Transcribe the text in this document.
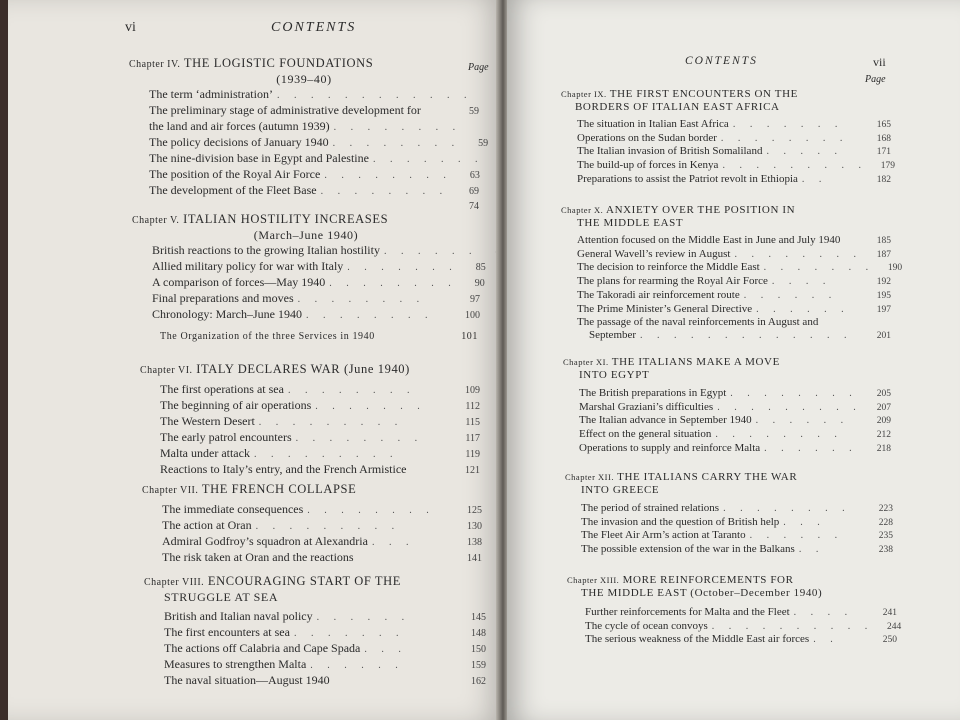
vi	CONTENTS
Page
Chapter IV. THE LOGISTIC FOUNDATIONS
(1939–40)
The term ‘administration’ . . . . . . . . . . . .
The preliminary stage of administrative development for	59
the land and air forces (autumn 1939) . . . . . . . .
The policy decisions of January 1940 . . . . . . . .	59
The nine-division base in Egypt and Palestine . . . . . . .
The position of the Royal Air Force . . . . . . . .	63
The development of the Fleet Base . . . . . . . .	69
74
Chapter V. ITALIAN HOSTILITY INCREASES
(March–June 1940)
British reactions to the growing Italian hostility . . . . . .
Allied military policy for war with Italy . . . . . . .	85
A comparison of forces—May 1940 . . . . . . . .	90
Final preparations and moves . . . . . . . .	97
Chronology: March–June 1940 . . . . . . . .	100
The Organization of the three Services in 1940	101
Chapter VI. ITALY DECLARES WAR (June 1940)
The first operations at sea . . . . . . . .	109
The beginning of air operations . . . . . . .	112
The Western Desert . . . . . . . . .	115
The early patrol encounters . . . . . . . .	117
Malta under attack . . . . . . . . .	119
Reactions to Italy’s entry, and the French Armistice	121
Chapter VII. THE FRENCH COLLAPSE
The immediate consequences . . . . . . . .	125
The action at Oran . . . . . . . . .	130
Admiral Godfroy’s squadron at Alexandria . . .	138
The risk taken at Oran and the reactions	141
Chapter VIII. ENCOURAGING START OF THE
STRUGGLE AT SEA
British and Italian naval policy . . . . . .	145
The first encounters at sea . . . . . . .	148
The actions off Calabria and Cape Spada . . .	150
Measures to strengthen Malta . . . . . .	159
The naval situation—August 1940	162
CONTENTS	vii
Page
Chapter IX. THE FIRST ENCOUNTERS ON THE
BORDERS OF ITALIAN EAST AFRICA
The situation in Italian East Africa . . . . . . .	165
Operations on the Sudan border . . . . . . . .	168
The Italian invasion of British Somaliland . . . . .	171
The build-up of forces in Kenya . . . . . . . . .	179
Preparations to assist the Patriot revolt in Ethiopia . .	182
Chapter X. ANXIETY OVER THE POSITION IN
THE MIDDLE EAST
Attention focused on the Middle East in June and July 1940	185
General Wavell’s review in August . . . . . . . .	187
The decision to reinforce the Middle East . . . . . . .	190
The plans for rearming the Royal Air Force . . . .	192
The Takoradi air reinforcement route . . . . . .	195
The Prime Minister’s General Directive . . . . . .	197
The passage of the naval reinforcements in August and
September . . . . . . . . . . . . .	201
Chapter XI. THE ITALIANS MAKE A MOVE
INTO EGYPT
The British preparations in Egypt . . . . . . . .	205
Marshal Graziani’s difficulties . . . . . . . . .	207
The Italian advance in September 1940 . . . . . .	209
Effect on the general situation . . . . . . . .	212
Operations to supply and reinforce Malta . . . . . .	218
Chapter XII. THE ITALIANS CARRY THE WAR
INTO GREECE
The period of strained relations . . . . . . . .	223
The invasion and the question of British help . . .	228
The Fleet Air Arm’s action at Taranto . . . . . .	235
The possible extension of the war in the Balkans . .	238
Chapter XIII. MORE REINFORCEMENTS FOR
THE MIDDLE EAST (October–December 1940)
Further reinforcements for Malta and the Fleet . . . .	241
The cycle of ocean convoys . . . . . . . . . .	244
The serious weakness of the Middle East air forces . .	250
